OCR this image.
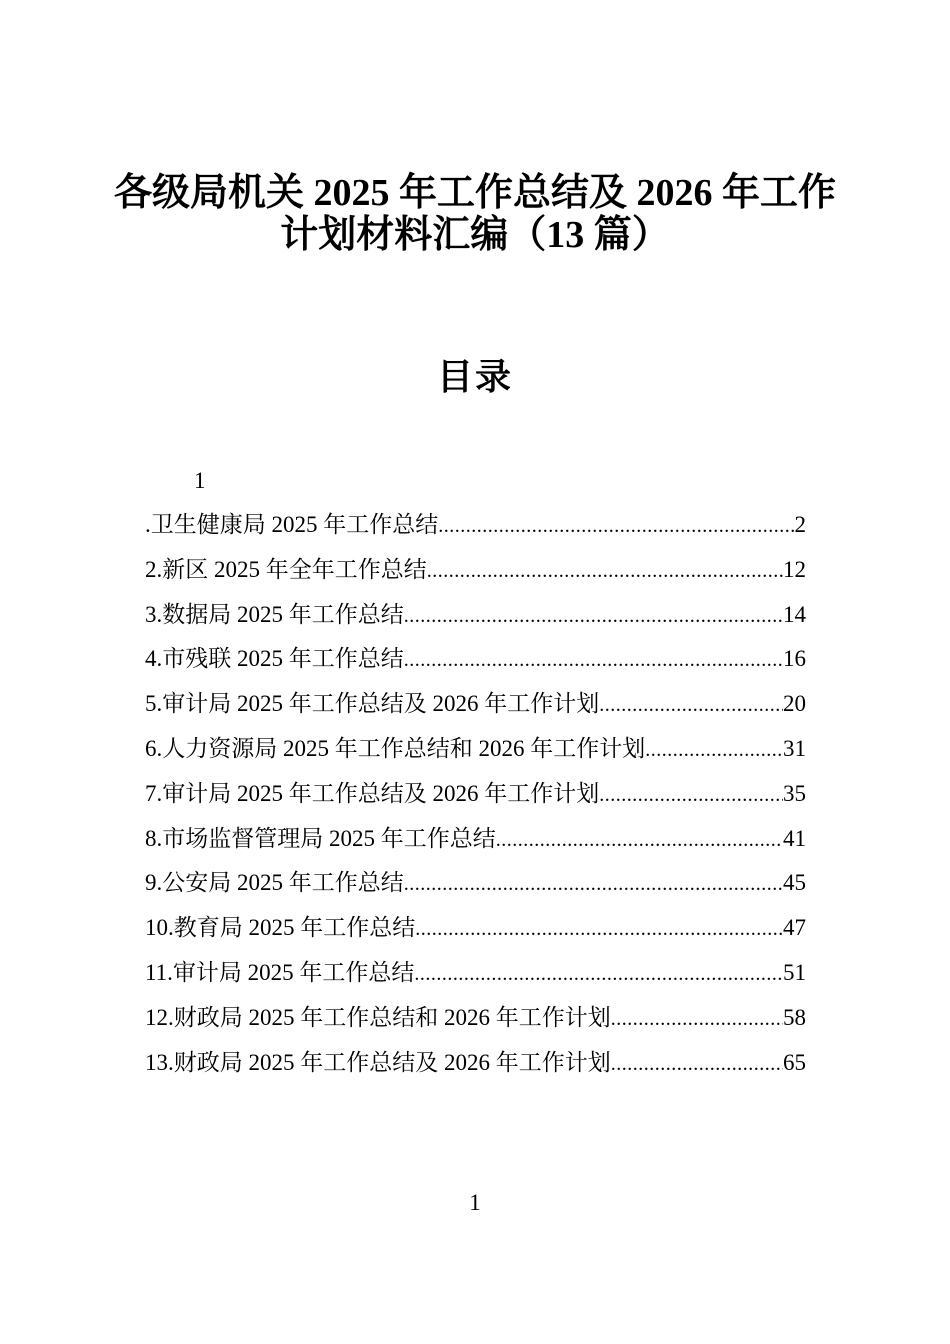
各级局机关 2025 年工作总结及 2026 年工作
计划材料汇编（13 篇）
目录
1
.卫生健康局 2025 年工作总结 .....	2
2.新区 2025 年全年工作总结 .....	12
3.数据局 2025 年工作总结 .....	14
4.市残联 2025 年工作总结 .....	16
5.审计局 2025 年工作总结及 2026 年工作计划 .....	20
6.人力资源局 2025 年工作总结和 2026 年工作计划 .....	31
7.审计局 2025 年工作总结及 2026 年工作计划 .....	35
8.市场监督管理局 2025 年工作总结 .....	41
9.公安局 2025 年工作总结 .....	45
10.教育局 2025 年工作总结 .....	47
11.审计局 2025 年工作总结 .....	51
12.财政局 2025 年工作总结和 2026 年工作计划 .....	58
13.财政局 2025 年工作总结及 2026 年工作计划 .....	65
1
